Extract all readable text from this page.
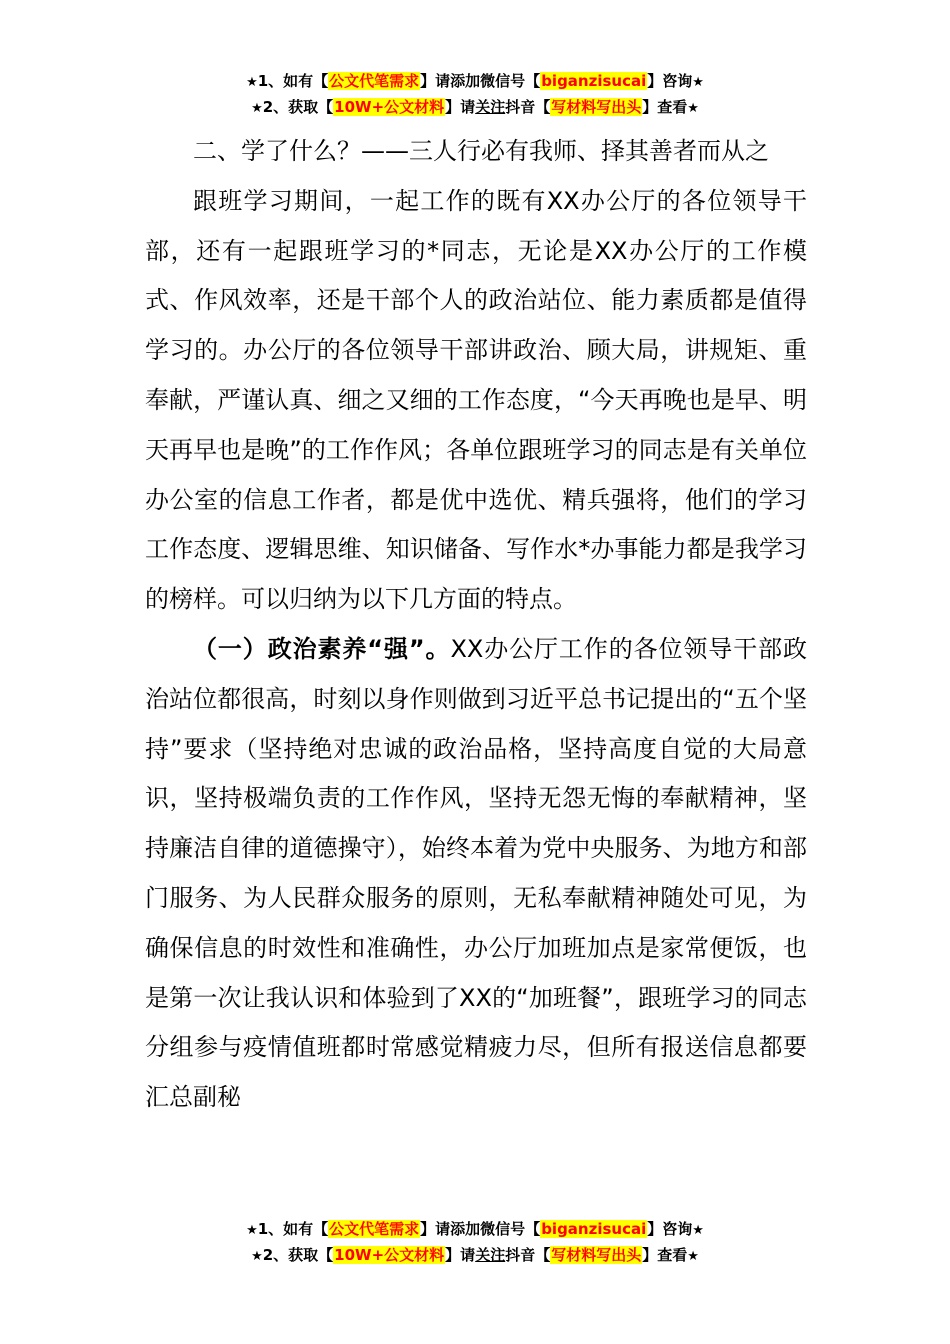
★1、如有【公文代笔需求】请添加微信号【biganzisucai】咨询★
★2、获取【10W+公文材料】请关注抖音【写材料写出头】查看★

二、学了什么？——三人行必有我师、择其善者而从之

跟班学习期间，一起工作的既有XX办公厅的各位领导干部，还有一起跟班学习的*同志，无论是XX办公厅的工作模式、作风效率，还是干部个人的政治站位、能力素质都是值得学习的。办公厅的各位领导干部讲政治、顾大局，讲规矩、重奉献，严谨认真、细之又细的工作态度，“今天再晚也是早、明天再早也是晚”的工作作风；各单位跟班学习的同志是有关单位办公室的信息工作者，都是优中选优、精兵强将，他们的学习工作态度、逻辑思维、知识储备、写作水*办事能力都是我学习的榜样。可以归纳为以下几方面的特点。

（一）政治素养“强”。XX办公厅工作的各位领导干部政治站位都很高，时刻以身作则做到习近平总书记提出的“五个坚持”要求（坚持绝对忠诚的政治品格，坚持高度自觉的大局意识，坚持极端负责的工作作风，坚持无怨无悔的奉献精神，坚持廉洁自律的道德操守），始终本着为党中央服务、为地方和部门服务、为人民群众服务的原则，无私奉献精神随处可见，为确保信息的时效性和准确性，办公厅加班加点是家常便饭，也是第一次让我认识和体验到了XX的“加班餐”，跟班学习的同志分组参与疫情值班都时常感觉精疲力尽，但所有报送信息都要汇总副秘

★1、如有【公文代笔需求】请添加微信号【biganzisucai】咨询★
★2、获取【10W+公文材料】请关注抖音【写材料写出头】查看★
